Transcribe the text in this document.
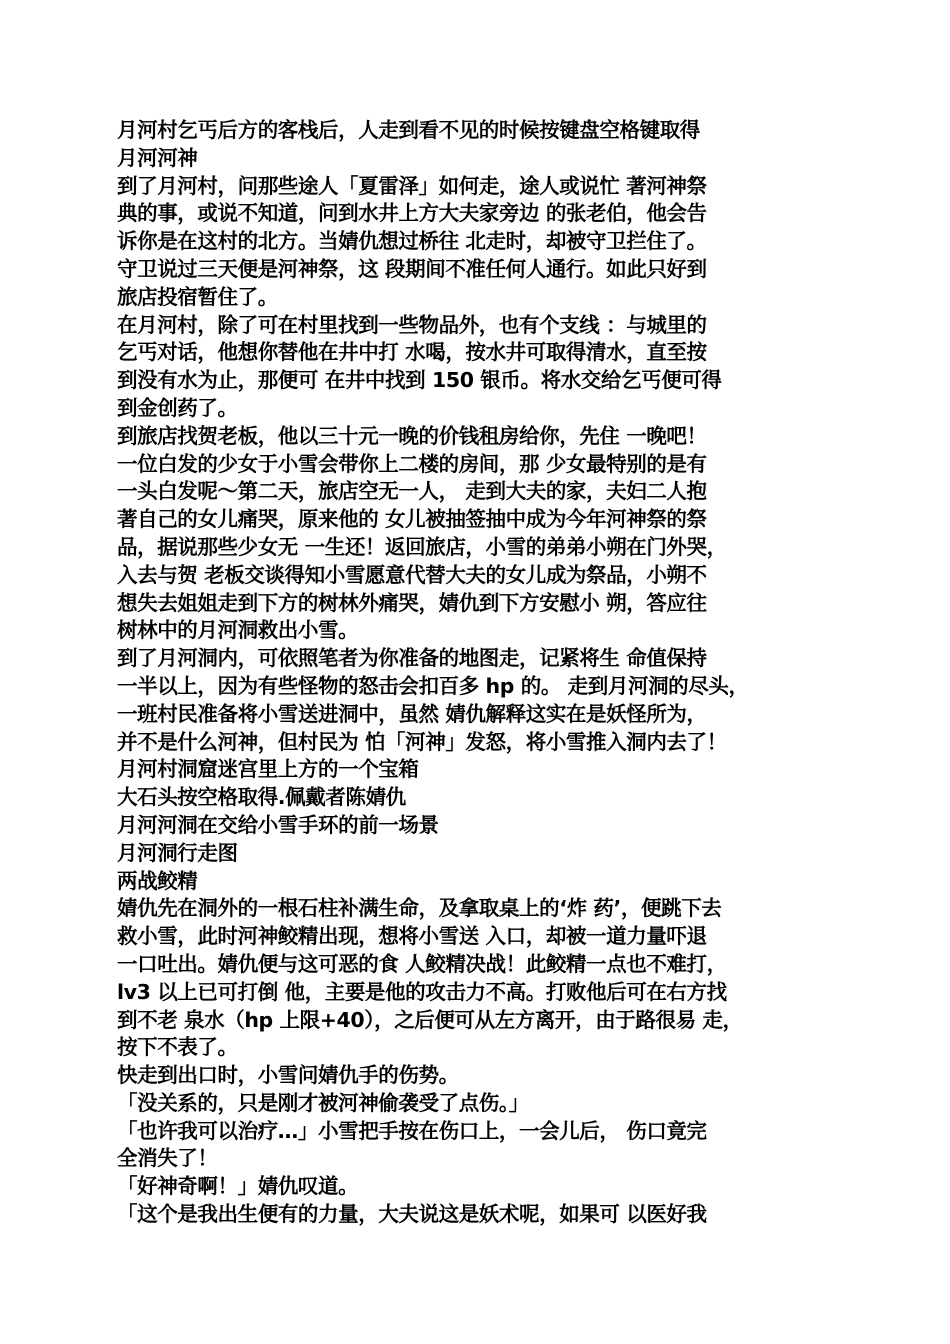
月河村乞丐后方的客栈后，人走到看不见的时候按键盘空格键取得
月河河神
到了月河村，问那些途人「夏雷泽」如何走，途人或说忙 著河神祭
典的事，或说不知道，问到水井上方大夫家旁边 的张老伯，他会告
诉你是在这村的北方。当婧仇想过桥往 北走时，却被守卫拦住了。
守卫说过三天便是河神祭，这 段期间不准任何人通行。如此只好到
旅店投宿暂住了。
在月河村，除了可在村里找到一些物品外，也有个支线 ：与城里的
乞丐对话，他想你替他在井中打 水喝，按水井可取得清水，直至按
到没有水为止，那便可 在井中找到 150 银币。将水交给乞丐便可得
到金创药了。
到旅店找贺老板，他以三十元一晚的价钱租房给你，先住 一晚吧！
一位白发的少女于小雪会带你上二楼的房间，那 少女最特别的是有
一头白发呢～第二天，旅店空无一人， 走到大夫的家，夫妇二人抱
著自己的女儿痛哭，原来他的 女儿被抽签抽中成为今年河神祭的祭
品，据说那些少女无 一生还！返回旅店，小雪的弟弟小朔在门外哭，
入去与贺 老板交谈得知小雪愿意代替大夫的女儿成为祭品，小朔不
想失去姐姐走到下方的树林外痛哭，婧仇到下方安慰小 朔，答应往
树林中的月河洞救出小雪。
到了月河洞内，可依照笔者为你准备的地图走，记紧将生 命值保持
一半以上，因为有些怪物的怒击会扣百多 hp 的。 走到月河洞的尽头，
一班村民准备将小雪送进洞中，虽然 婧仇解释这实在是妖怪所为，
并不是什么河神，但村民为 怕「河神」发怒，将小雪推入洞内去了！
月河村洞窟迷宫里上方的一个宝箱
大石头按空格取得.佩戴者陈婧仇
月河河洞在交给小雪手环的前一场景
月河洞行走图
两战鲛精
婧仇先在洞外的一根石柱补满生命，及拿取桌上的‘炸 药’，便跳下去
救小雪，此时河神鲛精出现，想将小雪送 入口，却被一道力量吓退
一口吐出。婧仇便与这可恶的食 人鲛精决战！此鲛精一点也不难打，
lv3 以上已可打倒 他，主要是他的攻击力不高。打败他后可在右方找
到不老 泉水（hp 上限+40），之后便可从左方离开，由于路很易 走，
按下不表了。
快走到出口时，小雪问婧仇手的伤势。
「没关系的，只是刚才被河神偷袭受了点伤。」
「也许我可以治疗…」小雪把手按在伤口上，一会儿后， 伤口竟完
全消失了！
「好神奇啊！」婧仇叹道。
「这个是我出生便有的力量，大夫说这是妖术呢，如果可 以医好我
